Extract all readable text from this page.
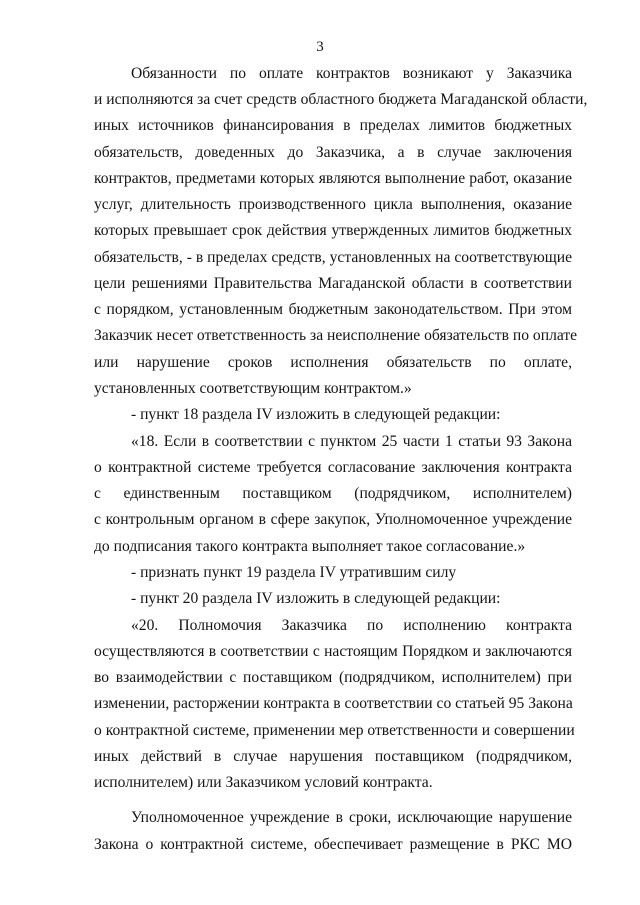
3
Обязанности по оплате контрактов возникают у Заказчика
и исполняются за счет средств областного бюджета Магаданской области,
иных источников финансирования в пределах лимитов бюджетных
обязательств, доведенных до Заказчика, а в случае заключения
контрактов, предметами которых являются выполнение работ, оказание
услуг, длительность производственного цикла выполнения, оказание
которых превышает срок действия утвержденных лимитов бюджетных
обязательств, - в пределах средств, установленных на соответствующие
цели решениями Правительства Магаданской области в соответствии
с порядком, установленным бюджетным законодательством. При этом
Заказчик несет ответственность за неисполнение обязательств по оплате
или нарушение сроков исполнения обязательств по оплате,
установленных соответствующим контрактом.»
- пункт 18 раздела IV изложить в следующей редакции:
«18. Если в соответствии с пунктом 25 части 1 статьи 93 Закона
о контрактной системе требуется согласование заключения контракта
с единственным поставщиком (подрядчиком, исполнителем)
с контрольным органом в сфере закупок, Уполномоченное учреждение
до подписания такого контракта выполняет такое согласование.»
- признать пункт 19 раздела IV утратившим силу
- пункт 20 раздела IV изложить в следующей редакции:
«20. Полномочия Заказчика по исполнению контракта
осуществляются в соответствии с настоящим Порядком и заключаются
во взаимодействии с поставщиком (подрядчиком, исполнителем) при
изменении, расторжении контракта в соответствии со статьей 95 Закона
о контрактной системе, применении мер ответственности и совершении
иных действий в случае нарушения поставщиком (подрядчиком,
исполнителем) или Заказчиком условий контракта.
Уполномоченное учреждение в сроки, исключающие нарушение
Закона о контрактной системе, обеспечивает размещение в РКС МО
